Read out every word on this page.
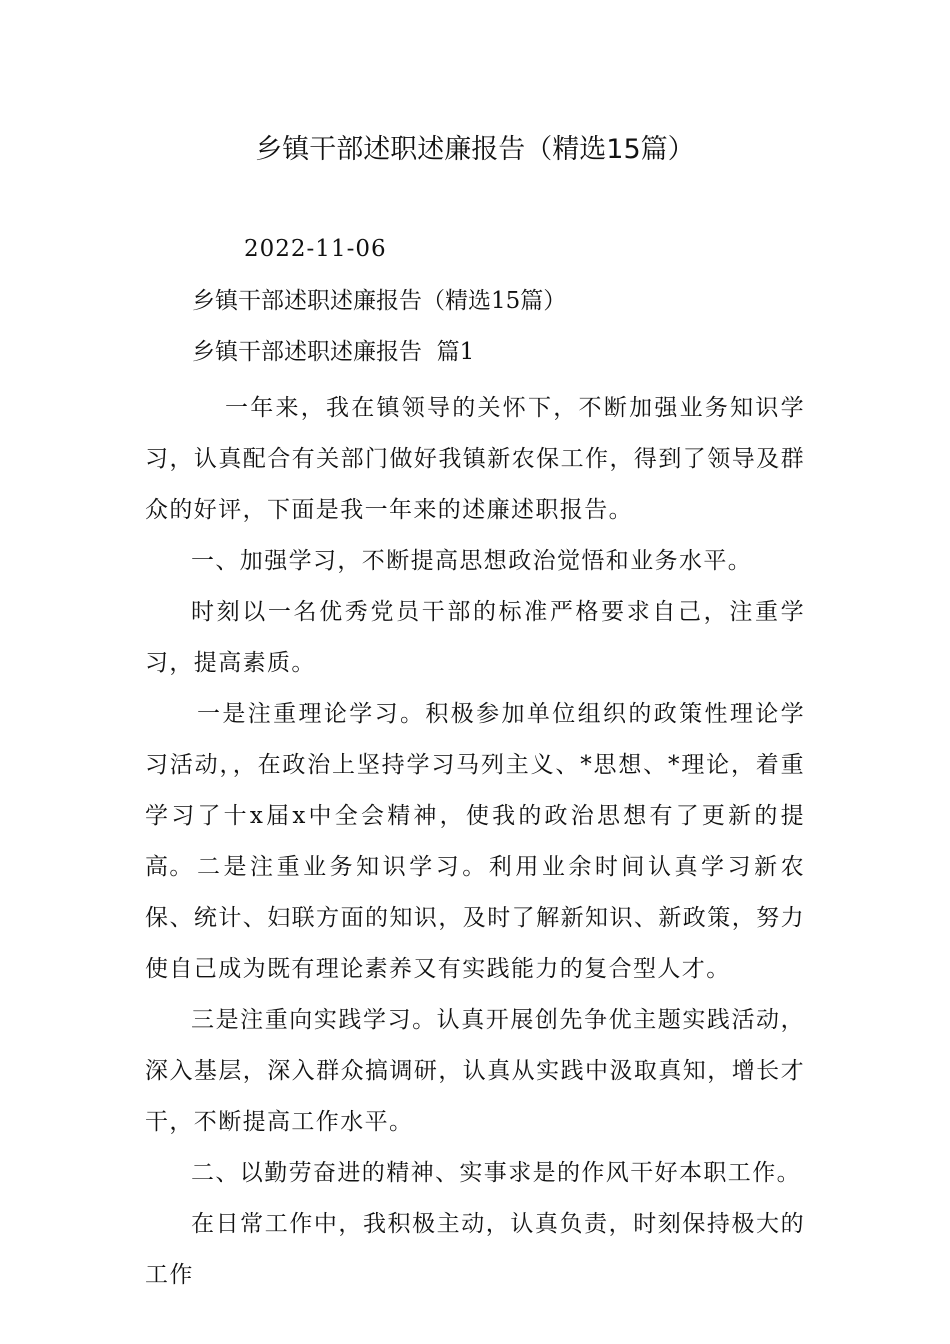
乡镇干部述职述廉报告（精选15篇）

2022-11-06

乡镇干部述职述廉报告（精选15篇）

乡镇干部述职述廉报告  篇1

一年来，我在镇领导的关怀下，不断加强业务知识学习，认真配合有关部门做好我镇新农保工作，得到了领导及群众的好评，下面是我一年来的述廉述职报告。

一、加强学习，不断提高思想政治觉悟和业务水平。

时刻以一名优秀党员干部的标准严格要求自己，注重学习，提高素质。

一是注重理论学习。积极参加单位组织的政策性理论学习活动，，在政治上坚持学习马列主义、*思想、*理论，着重学习了十x届x中全会精神，使我的政治思想有了更新的提高。 二是注重业务知识学习。利用业余时间认真学习新农保、统计、妇联方面的知识，及时了解新知识、新政策，努力使自己成为既有理论素养又有实践能力的复合型人才。

三是注重向实践学习。认真开展创先争优主题实践活动，深入基层，深入群众搞调研，认真从实践中汲取真知，增长才干，不断提高工作水平。

二、以勤劳奋进的精神、实事求是的作风干好本职工作。

在日常工作中，我积极主动，认真负责，时刻保持极大的工作
